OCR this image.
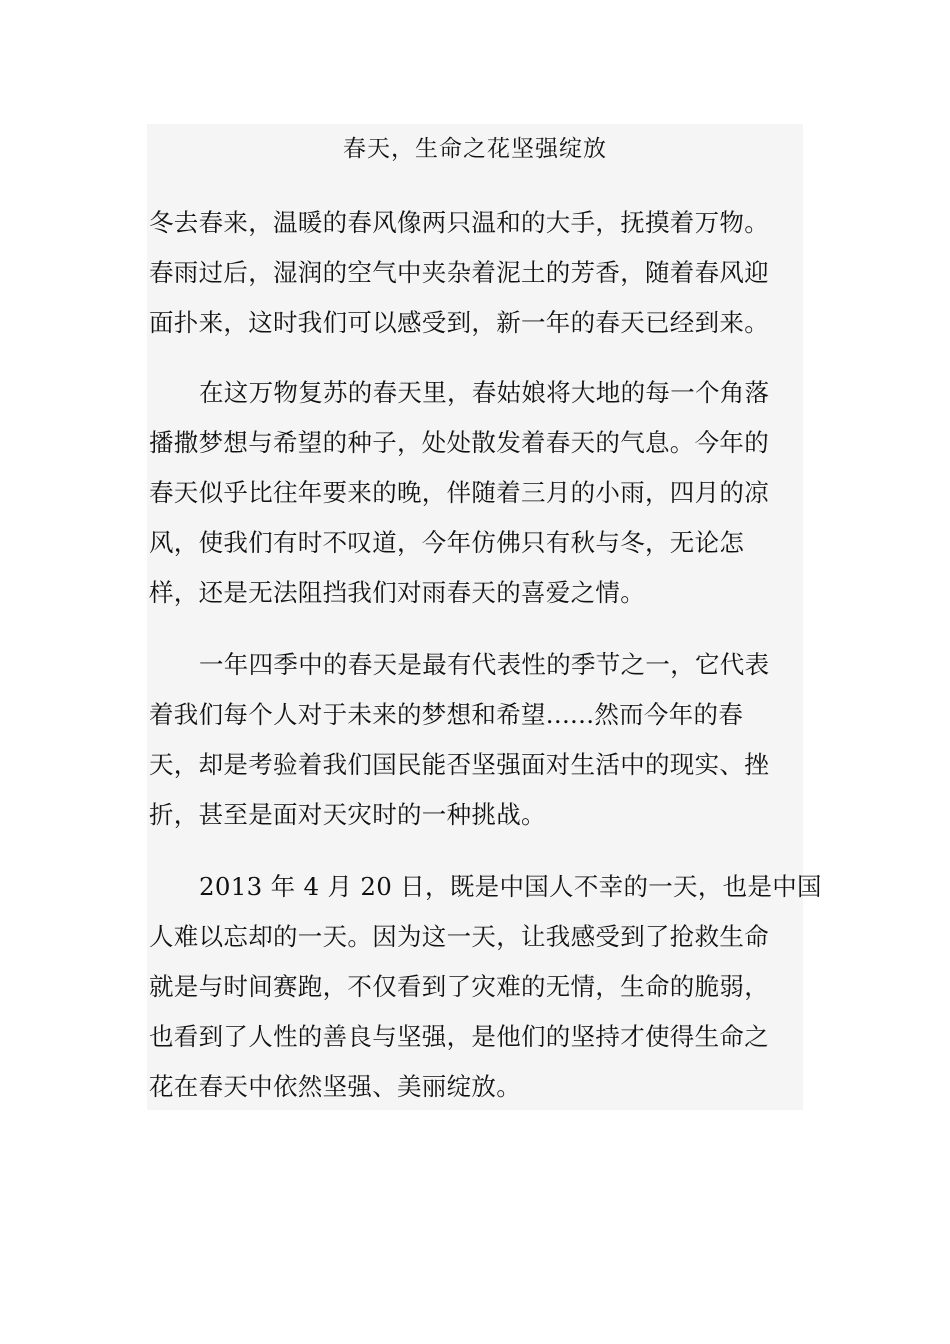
春天，生命之花坚强绽放
冬去春来，温暖的春风像两只温和的大手，抚摸着万物。
春雨过后，湿润的空气中夹杂着泥土的芳香，随着春风迎
面扑来，这时我们可以感受到，新一年的春天已经到来。
在这万物复苏的春天里，春姑娘将大地的每一个角落
播撒梦想与希望的种子，处处散发着春天的气息。今年的
春天似乎比往年要来的晚，伴随着三月的小雨，四月的凉
风，使我们有时不叹道，今年仿佛只有秋与冬，无论怎
样，还是无法阻挡我们对雨春天的喜爱之情。
一年四季中的春天是最有代表性的季节之一，它代表
着我们每个人对于未来的梦想和希望......然而今年的春
天，却是考验着我们国民能否坚强面对生活中的现实、挫
折，甚至是面对天灾时的一种挑战。
2013 年 4 月 20 日，既是中国人不幸的一天，也是中国
人难以忘却的一天。因为这一天，让我感受到了抢救生命
就是与时间赛跑，不仅看到了灾难的无情，生命的脆弱，
也看到了人性的善良与坚强，是他们的坚持才使得生命之
花在春天中依然坚强、美丽绽放。
